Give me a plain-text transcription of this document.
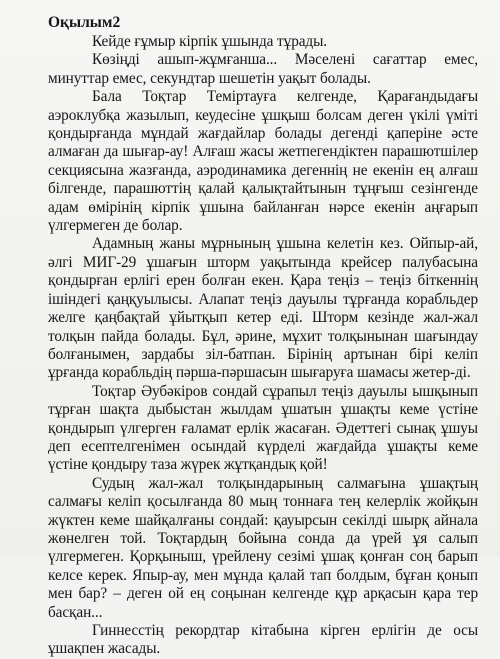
Оқылым2

Кейде ғұмыр кірпік ұшында тұрады.

Көзіңді ашып-жұмғанша... Мәселені сағаттар емес, минуттар емес, секундтар шешетін уақыт болады.

Бала Тоқтар Теміртауға келгенде, Қарағандыдағы аэроклубқа жазылып, кеудесіне ұшқыш болсам деген үкілі үміті қондырғанда мұндай жағдайлар болады дегенді қаперіне әсте алмаған да шығар-ау! Алғаш жасы жетпегендіктен парашютшілер секциясына жазғанда, аэродинамика дегеннің не екенін ең алғаш білгенде, парашюттің қалай қалықтайтынын тұңғыш сезінгенде адам өмірінің кірпік ұшына байланған нәрсе екенін аңғарып үлгермеген де болар.

Адамның жаны мұрнының ұшына келетін кез. Ойпыр-ай, әлгі МИГ-29 ұшағын шторм уақытында крейсер палубасына қондырған ерлігі ерен болған екен. Қара теңіз – теңіз біткеннің ішіндегі қаңқуылысы. Алапат теңіз дауылы тұрғанда корабльдер желге қаңбақтай ұйытқып кетер еді. Шторм кезінде жал-жал толқын пайда болады. Бұл, әрине, мұхит толқынынан шағындау болғанымен, зардабы зіл-батпан. Бірінің артынан бірі келіп ұрғанда корабльдің пәрша-пәршасын шығаруға шамасы жетер-ді.

Тоқтар Әубәкіров сондай сұрапыл теңіз дауылы ышқынып тұрған шақта дыбыстан жылдам ұшатын ұшақты кеме үстіне қондырып үлгерген ғаламат ерлік жасаған. Әдеттегі сынақ ұшуы деп есептелгенімен осындай күрделі жағдайда ұшақты кеме үстіне қондыру таза жүрек жұтқандық қой!

Судың жал-жал толқындарының салмағына ұшақтың салмағы келіп қосылғанда 80 мың тоннаға тең келерлік жойқын жүктен кеме шайқалғаны сондай: қауырсын секілді шырқ айнала жөнелген той. Тоқтардың бойына сонда да үрей ұя салып үлгермеген. Қорқыныш, үрейлену сезімі ұшақ қонған соң барып келсе керек. Япыр-ау, мен мұнда қалай тап болдым, бұған қонып мен бар? – деген ой ең соңынан келгенде құр арқасын қара тер басқан...

Гиннесстің рекордтар кітабына кірген ерлігін де осы ұшақпен жасады.
